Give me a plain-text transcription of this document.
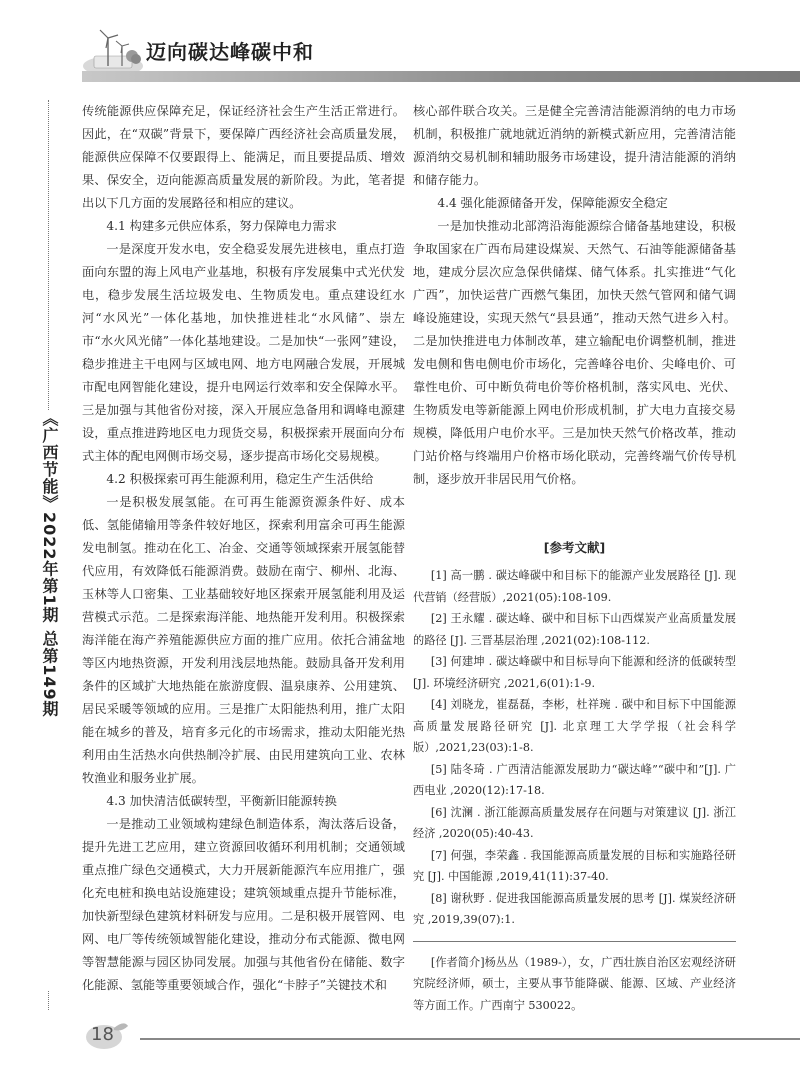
迈向碳达峰碳中和
《广西节能》2022年第1期 总第149期
传统能源供应保障充足，保证经济社会生产生活正常进行。因此，在“双碳”背景下，要保障广西经济社会高质量发展，能源供应保障不仅要跟得上、能满足，而且要提品质、增效果、保安全，迈向能源高质量发展的新阶段。为此，笔者提出以下几方面的发展路径和相应的建议。
4.1 构建多元供应体系，努力保障电力需求
一是深度开发水电，安全稳妥发展先进核电，重点打造面向东盟的海上风电产业基地，积极有序发展集中式光伏发电，稳步发展生活垃圾发电、生物质发电。重点建设红水河“水风光”一体化基地，加快推进桂北“水风储”、崇左市“水火风光储”一体化基地建设。二是加快“一张网”建设，稳步推进主干电网与区域电网、地方电网融合发展，开展城市配电网智能化建设，提升电网运行效率和安全保障水平。三是加强与其他省份对接，深入开展应急备用和调峰电源建设，重点推进跨地区电力现货交易，积极探索开展面向分布式主体的配电网侧市场交易，逐步提高市场化交易规模。
4.2 积极探索可再生能源利用，稳定生产生活供给
一是积极发展氢能。在可再生能源资源条件好、成本低、氢能储输用等条件较好地区，探索利用富余可再生能源发电制氢。推动在化工、冶金、交通等领域探索开展氢能替代应用，有效降低石能源消费。鼓励在南宁、柳州、北海、玉林等人口密集、工业基础较好地区探索开展氢能利用及运营模式示范。二是探索海洋能、地热能开发利用。积极探索海洋能在海产养殖能源供应方面的推广应用。依托合浦盆地等区内地热资源，开发利用浅层地热能。鼓励具备开发利用条件的区域扩大地热能在旅游度假、温泉康养、公用建筑、居民采暖等领域的应用。三是推广太阳能热利用，推广太阳能在城乡的普及，培育多元化的市场需求，推动太阳能光热利用由生活热水向供热制冷扩展、由民用建筑向工业、农林牧渔业和服务业扩展。
4.3 加快清洁低碳转型，平衡新旧能源转换
一是推动工业领域构建绿色制造体系，淘汰落后设备，提升先进工艺应用，建立资源回收循环利用机制；交通领域重点推广绿色交通模式，大力开展新能源汽车应用推广，强化充电桩和换电站设施建设；建筑领域重点提升节能标准，加快新型绿色建筑材料研发与应用。二是积极开展管网、电网、电厂等传统领域智能化建设，推动分布式能源、微电网等智慧能源与园区协同发展。加强与其他省份在储能、数字化能源、氢能等重要领域合作，强化“卡脖子”关键技术和
核心部件联合攻关。三是健全完善清洁能源消纳的电力市场机制，积极推广就地就近消纳的新模式新应用，完善清洁能源消纳交易机制和辅助服务市场建设，提升清洁能源的消纳和储存能力。
4.4 强化能源储备开发，保障能源安全稳定
一是加快推动北部湾沿海能源综合储备基地建设，积极争取国家在广西布局建设煤炭、天然气、石油等能源储备基地，建成分层次应急保供储煤、储气体系。扎实推进“气化广西”，加快运营广西燃气集团，加快天然气管网和储气调峰设施建设，实现天然气“县县通”，推动天然气进乡入村。二是加快推进电力体制改革，建立输配电价调整机制，推进发电侧和售电侧电价市场化，完善峰谷电价、尖峰电价、可靠性电价、可中断负荷电价等价格机制，落实风电、光伏、生物质发电等新能源上网电价形成机制，扩大电力直接交易规模，降低用户电价水平。三是加快天然气价格改革，推动门站价格与终端用户价格市场化联动，完善终端气价传导机制，逐步放开非居民用气价格。
[参考文献]
[1] 高一鹏 . 碳达峰碳中和目标下的能源产业发展路径 [J]. 现代营销（经营版）,2021(05):108-109.
[2] 王永耀 . 碳达峰、碳中和目标下山西煤炭产业高质量发展的路径 [J]. 三晋基层治理 ,2021(02):108-112.
[3] 何建坤 . 碳达峰碳中和目标导向下能源和经济的低碳转型 [J]. 环境经济研究 ,2021,6(01):1-9.
[4] 刘晓龙，崔磊磊，李彬，杜祥琬 . 碳中和目标下中国能源高质量发展路径研究 [J]. 北京理工大学学报（社会科学版）,2021,23(03):1-8.
[5] 陆冬琦 . 广西清洁能源发展助力“碳达峰”“碳中和”[J]. 广西电业 ,2020(12):17-18.
[6] 沈澜 . 浙江能源高质量发展存在问题与对策建议 [J]. 浙江经济 ,2020(05):40-43.
[7] 何强，李荣鑫 . 我国能源高质量发展的目标和实施路径研究 [J]. 中国能源 ,2019,41(11):37-40.
[8] 谢秋野 . 促进我国能源高质量发展的思考 [J]. 煤炭经济研究 ,2019,39(07):1.
[作者简介]杨丛丛（1989-），女，广西壮族自治区宏观经济研究院经济师，硕士，主要从事节能降碳、能源、区域、产业经济等方面工作。广西南宁 530022。
18
